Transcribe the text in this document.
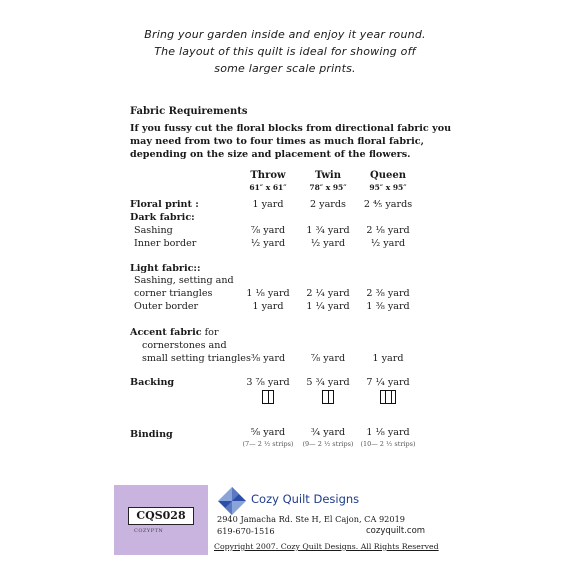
Bring your garden inside and enjoy it year round.
The layout of this quilt is ideal for showing off
some larger scale prints.
Fabric Requirements
If you fussy cut the floral blocks from directional fabric you
may need from two to four times as much floral fabric,
depending on the size and placement of the flowers.
Throw	Twin	Queen
61″ x 61″	78″ x 95″	95″ x 95″
Floral print :	1 yard	2 yards	2 ⅘ yards
Dark fabric:
Sashing	⅞ yard	1 ¾ yard	2 ⅛ yard
Inner border	½ yard	½ yard	½ yard
Light fabric::
Sashing, setting and
corner triangles	1 ⅛ yard	2 ¼ yard	2 ⅜ yard
Outer border	1 yard	1 ¼ yard	1 ⅜ yard
Accent fabric for
cornerstones and
small setting triangles ⅜ yard	⅞ yard	1 yard
Backing	3 ⅞ yard	5 ¾ yard	7 ¼ yard
Binding	⅝ yard	¾ yard	1 ⅛ yard
(7— 2 ½ strips)	(9— 2 ½ strips)	(10— 2 ½ strips)
CQS028
COZYPTN
Cozy Quilt Designs
2940 Jamacha Rd. Ste H, El Cajon, CA 92019
619-670-1516	cozyquilt.com
Copyright 2007. Cozy Quilt Designs. All Rights Reserved
